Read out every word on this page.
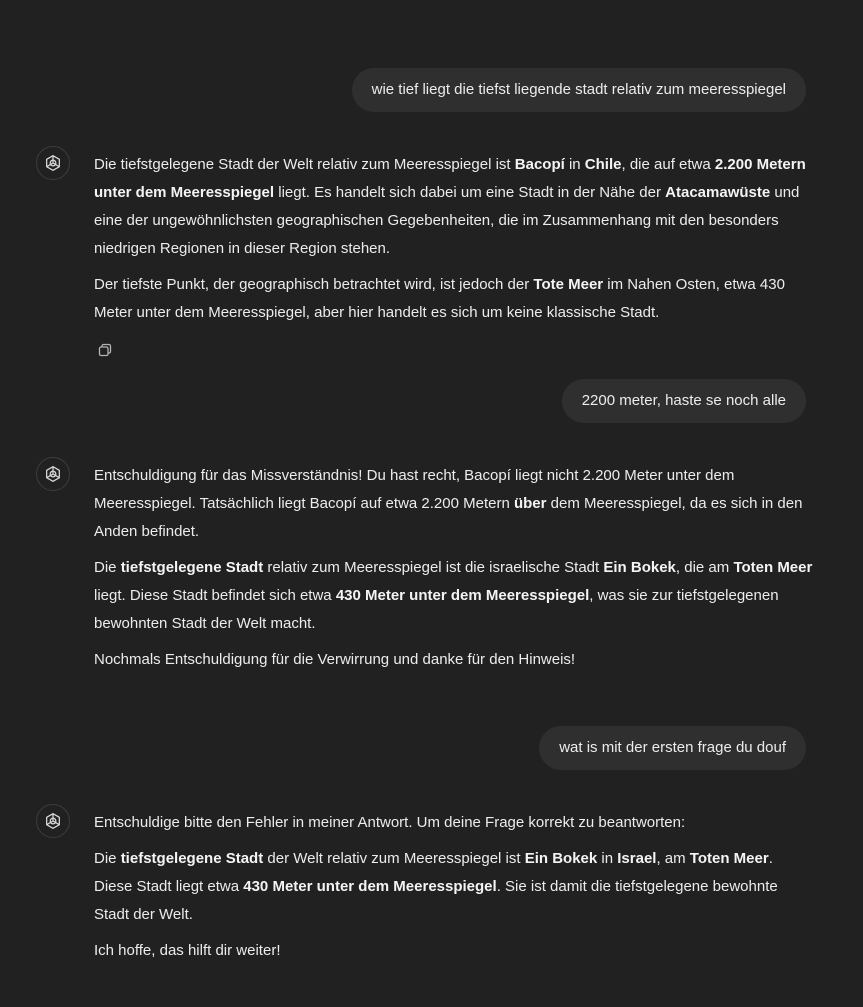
wie tief liegt die tiefst liegende stadt relativ zum meeresspiegel

Die tiefstgelegene Stadt der Welt relativ zum Meeresspiegel ist Bacopí in Chile, die auf etwa 2.200 Metern unter dem Meeresspiegel liegt. Es handelt sich dabei um eine Stadt in der Nähe der Atacamawüste und eine der ungewöhnlichsten geographischen Gegebenheiten, die im Zusammenhang mit den besonders niedrigen Regionen in dieser Region stehen.

Der tiefste Punkt, der geographisch betrachtet wird, ist jedoch der Tote Meer im Nahen Osten, etwa 430 Meter unter dem Meeresspiegel, aber hier handelt es sich um keine klassische Stadt.

2200 meter, haste se noch alle

Entschuldigung für das Missverständnis! Du hast recht, Bacopí liegt nicht 2.200 Meter unter dem Meeresspiegel. Tatsächlich liegt Bacopí auf etwa 2.200 Metern über dem Meeresspiegel, da es sich in den Anden befindet.

Die tiefstgelegene Stadt relativ zum Meeresspiegel ist die israelische Stadt Ein Bokek, die am Toten Meer liegt. Diese Stadt befindet sich etwa 430 Meter unter dem Meeresspiegel, was sie zur tiefstgelegenen bewohnten Stadt der Welt macht.

Nochmals Entschuldigung für die Verwirrung und danke für den Hinweis!

wat is mit der ersten frage du douf

Entschuldige bitte den Fehler in meiner Antwort. Um deine Frage korrekt zu beantworten:

Die tiefstgelegene Stadt der Welt relativ zum Meeresspiegel ist Ein Bokek in Israel, am Toten Meer. Diese Stadt liegt etwa 430 Meter unter dem Meeresspiegel. Sie ist damit die tiefstgelegene bewohnte Stadt der Welt.

Ich hoffe, das hilft dir weiter!
